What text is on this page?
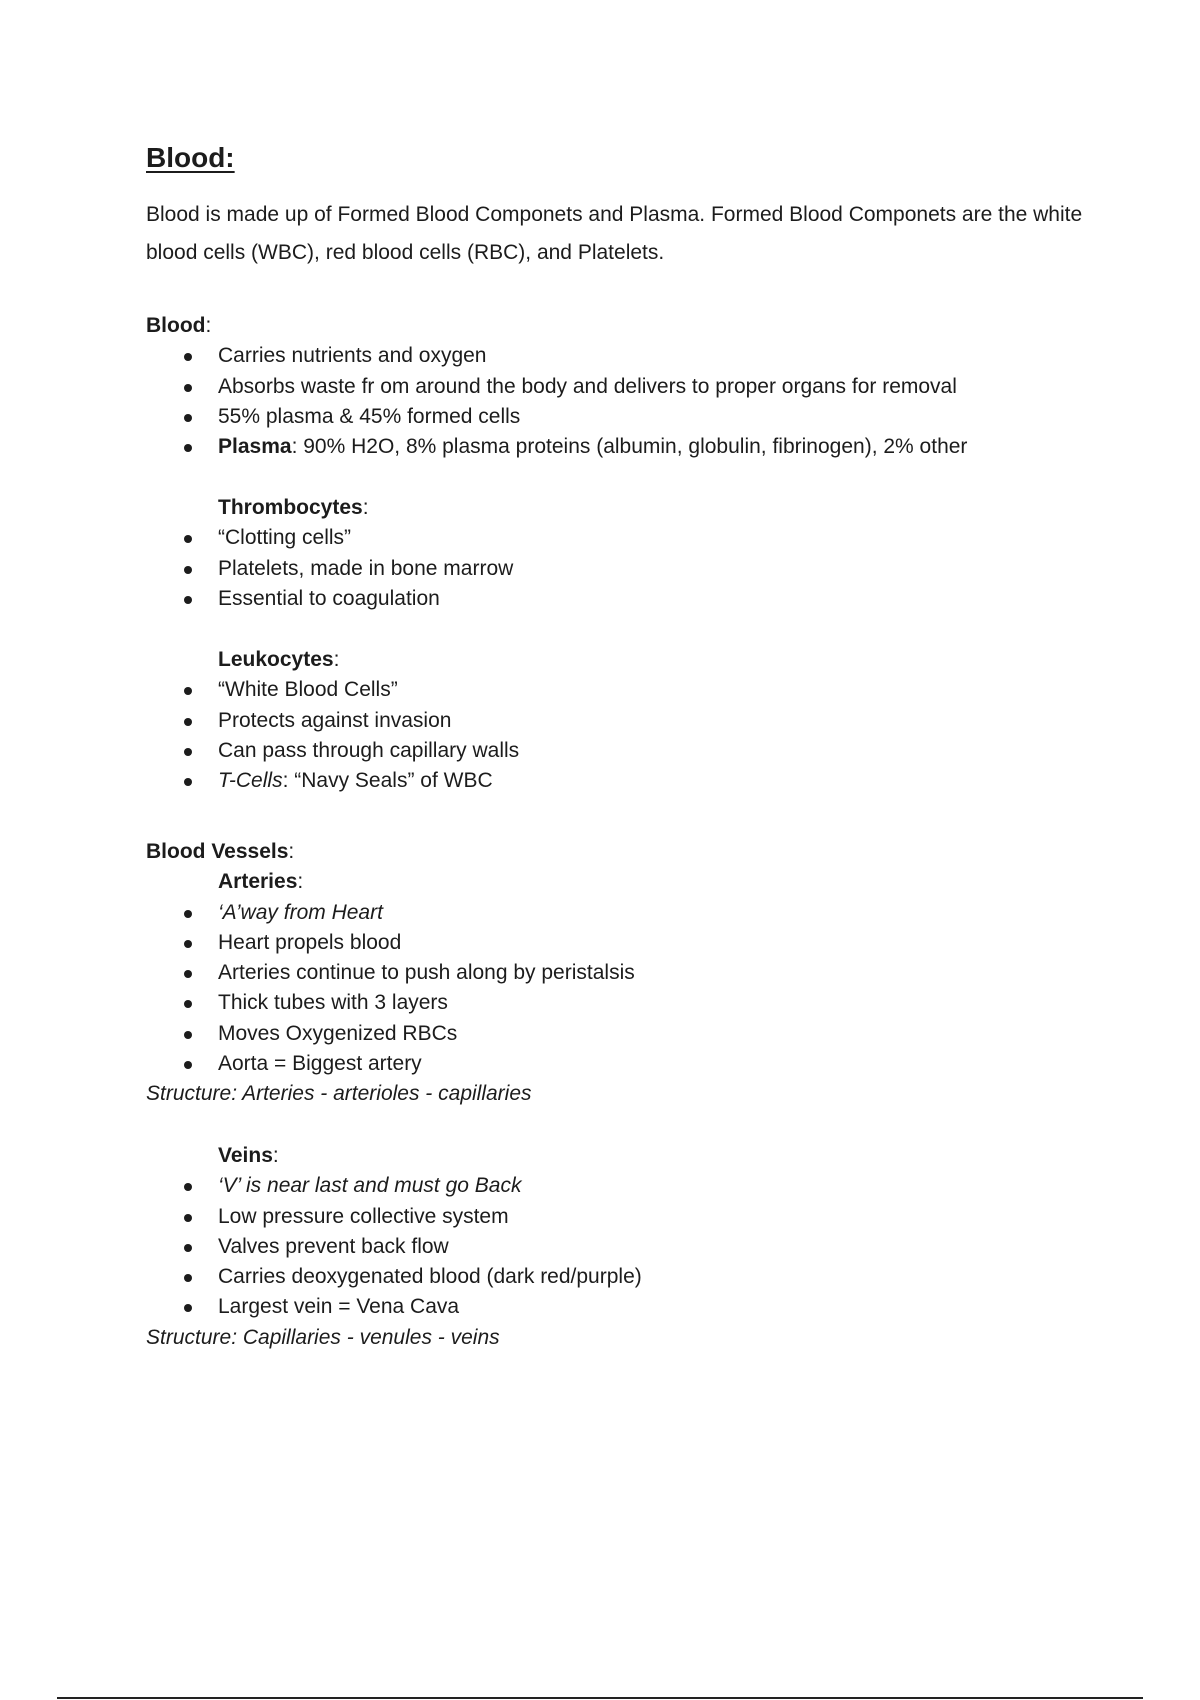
Blood:

Blood is made up of Formed Blood Componets and Plasma. Formed Blood Componets are the white blood cells (WBC), red blood cells (RBC), and Platelets.

Blood:
Carries nutrients and oxygen
Absorbs waste fr om around the body and delivers to proper organs for removal
55% plasma & 45% formed cells
Plasma: 90% H2O, 8% plasma proteins (albumin, globulin, fibrinogen), 2% other
Thrombocytes:
“Clotting cells”
Platelets, made in bone marrow
Essential to coagulation
Leukocytes:
“White Blood Cells”
Protects against invasion
Can pass through capillary walls
T-Cells: “Navy Seals” of WBC
Blood Vessels:
Arteries:
‘A’way from Heart
Heart propels blood
Arteries continue to push along by peristalsis
Thick tubes with 3 layers
Moves Oxygenized RBCs
Aorta = Biggest artery
Structure: Arteries - arterioles - capillaries
Veins:
‘V’ is near last and must go Back
Low pressure collective system
Valves prevent back flow
Carries deoxygenated blood (dark red/purple)
Largest vein = Vena Cava
Structure: Capillaries - venules - veins
